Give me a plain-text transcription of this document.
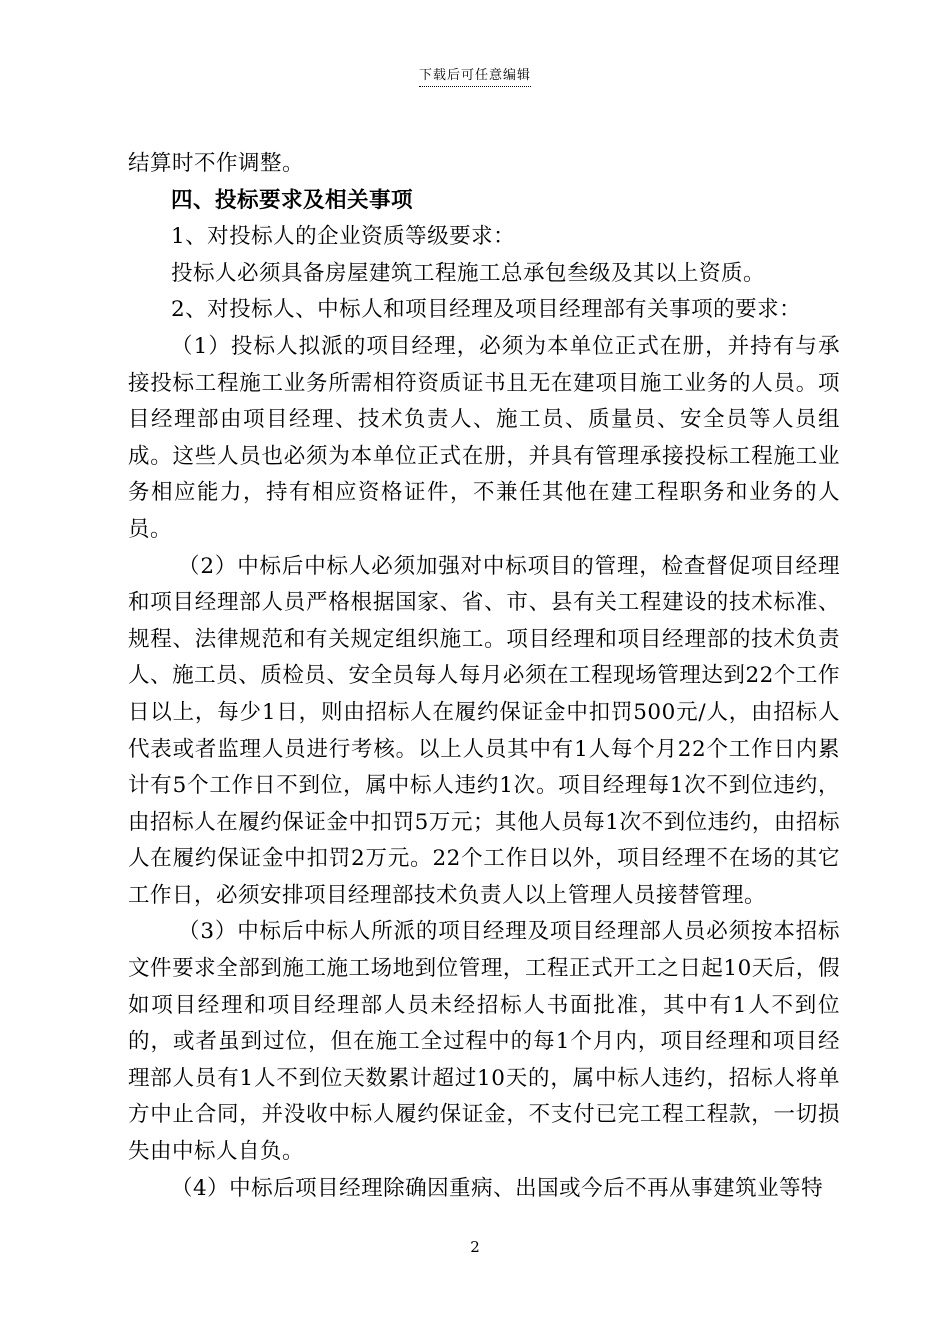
下载后可任意编辑

结算时不作调整。

四、投标要求及相关事项

1、对投标人的企业资质等级要求：

投标人必须具备房屋建筑工程施工总承包叁级及其以上资质。

2、对投标人、中标人和项目经理及项目经理部有关事项的要求：

（1）投标人拟派的项目经理，必须为本单位正式在册，并持有与承接投标工程施工业务所需相符资质证书且无在建项目施工业务的人员。项目经理部由项目经理、技术负责人、施工员、质量员、安全员等人员组成。这些人员也必须为本单位正式在册，并具有管理承接投标工程施工业务相应能力，持有相应资格证件，不兼任其他在建工程职务和业务的人员。

（2）中标后中标人必须加强对中标项目的管理，检查督促项目经理和项目经理部人员严格根据国家、省、市、县有关工程建设的技术标准、规程、法律规范和有关规定组织施工。项目经理和项目经理部的技术负责人、施工员、质检员、安全员每人每月必须在工程现场管理达到22个工作日以上，每少1日，则由招标人在履约保证金中扣罚500元/人，由招标人代表或者监理人员进行考核。以上人员其中有1人每个月22个工作日内累计有5个工作日不到位，属中标人违约1次。项目经理每1次不到位违约，由招标人在履约保证金中扣罚5万元；其他人员每1次不到位违约，由招标人在履约保证金中扣罚2万元。22个工作日以外，项目经理不在场的其它工作日，必须安排项目经理部技术负责人以上管理人员接替管理。

（3）中标后中标人所派的项目经理及项目经理部人员必须按本招标文件要求全部到施工施工场地到位管理，工程正式开工之日起10天后，假如项目经理和项目经理部人员未经招标人书面批准，其中有1人不到位的，或者虽到过位，但在施工全过程中的每1个月内，项目经理和项目经理部人员有1人不到位天数累计超过10天的，属中标人违约，招标人将单方中止合同，并没收中标人履约保证金，不支付已完工程工程款，一切损失由中标人自负。

（4）中标后项目经理除确因重病、出国或今后不再从事建筑业等特

2
